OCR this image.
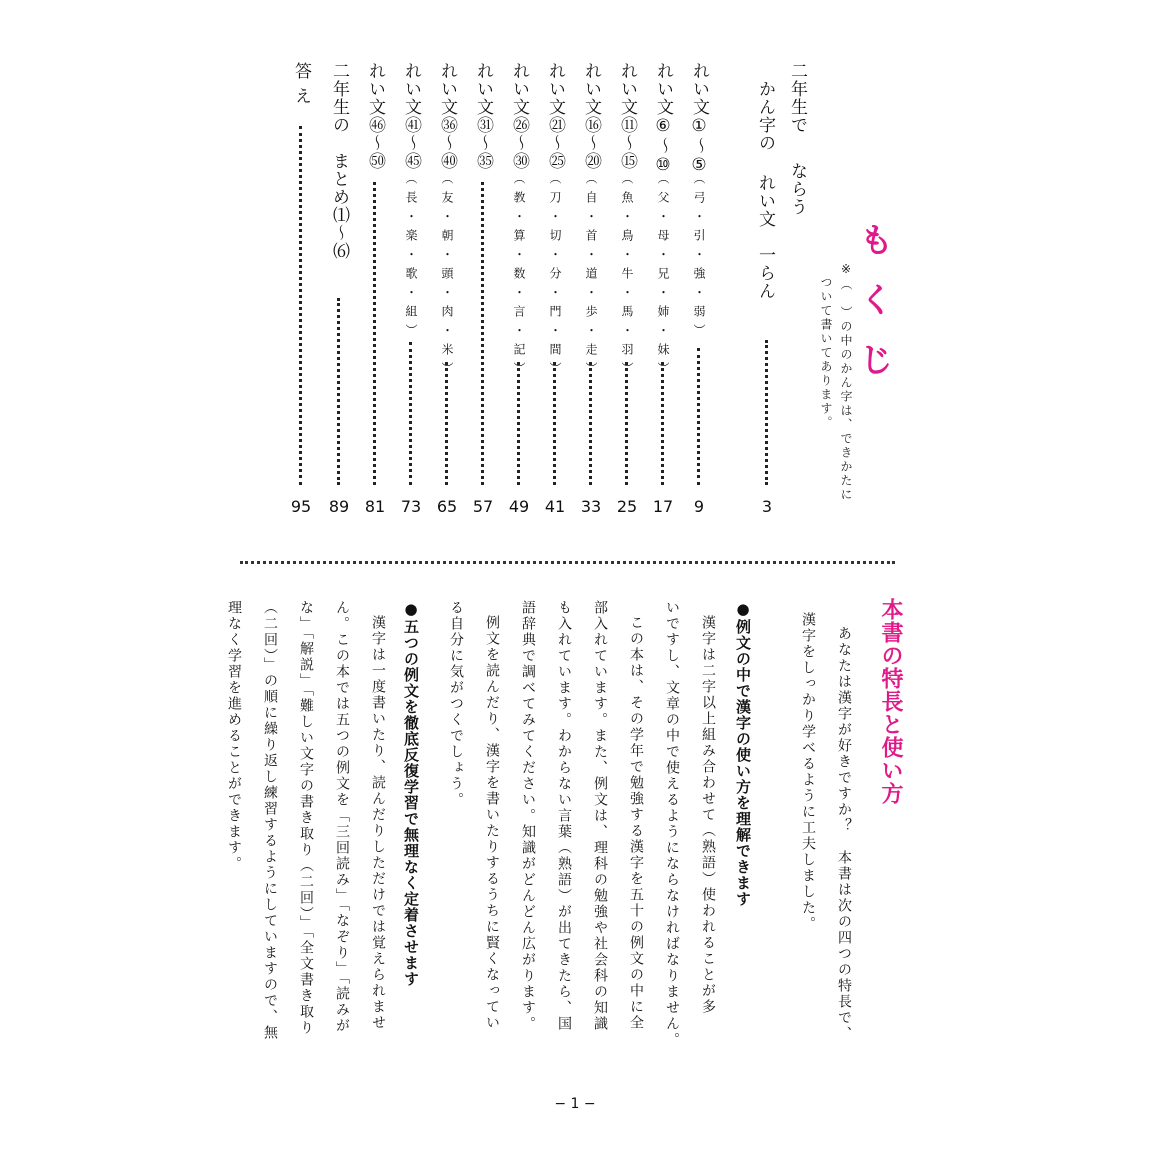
もくじ
※（　）の中のかん字は、できかたに
ついて書いてあります。
二年生で
ならう
かん字の
れい文　一らん
3
れい文①〜⑤
（弓・引・強・弱）
9
れい文⑥〜⑩
（父・母・兄・姉・妹）
17
れい文⑪〜⑮
（魚・鳥・牛・馬・羽）
25
れい文⑯〜⑳
（自・首・道・歩・走）
33
れい文㉑〜㉕
（刀・切・分・門・間）
41
れい文㉖〜㉚
（教・算・数・言・記）
49
れい文㉛〜㉟
57
れい文㊱〜㊵
（友・朝・頭・肉・米）
65
れい文㊶〜㊺
（長・楽・歌・組）
73
れい文㊻〜㊿
81
二年生の　まとめ⑴〜⑹
89
答え
95
本書の特長と使い方
あなたは漢字が好きですか？　本書は次の四つの特長で、
漢字をしっかり学べるように工夫しました。
●例文の中で漢字の使い方を理解できます
漢字は二字以上組み合わせて（熟語）使われることが多
いですし、文章の中で使えるようにならなければなりません。
この本は、その学年で勉強する漢字を五十の例文の中に全
部入れています。また、例文は、理科の勉強や社会科の知識
も入れています。わからない言葉（熟語）が出てきたら、国
語辞典で調べてみてください。知識がどんどん広がります。
例文を読んだり、漢字を書いたりするうちに賢くなってい
る自分に気がつくでしょう。
●五つの例文を徹底反復学習で無理なく定着させます
漢字は一度書いたり、読んだりしただけでは覚えられませ
ん。この本では五つの例文を「三回読み」「なぞり」「読みが
な」「解説」「難しい文字の書き取り（二回）」「全文書き取り
（二回）」の順に繰り返し練習するようにしていますので、無
理なく学習を進めることができます。
− 1 −
